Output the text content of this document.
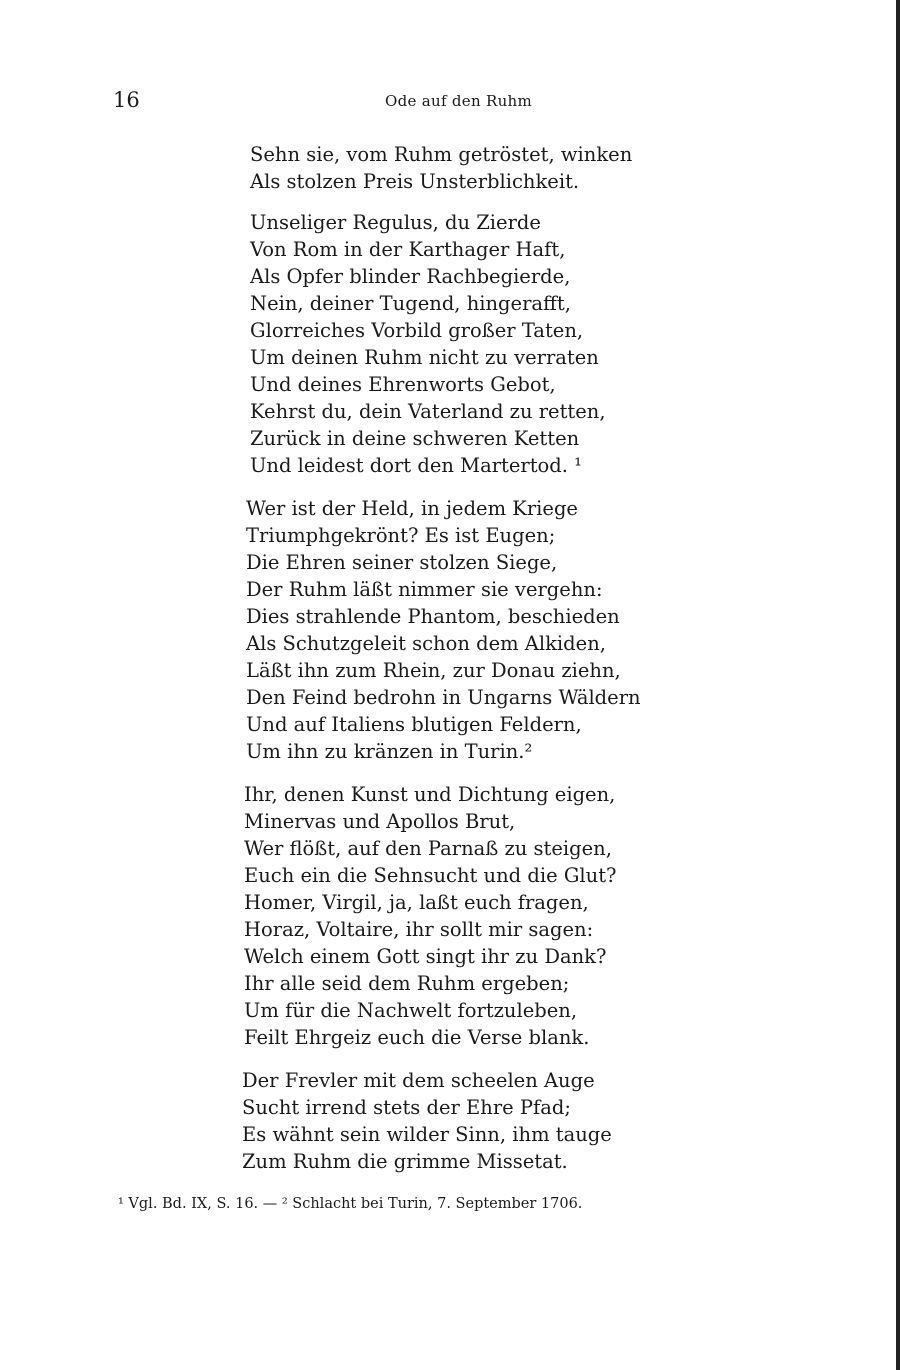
16	Ode auf den Ruhm
Sehn sie, vom Ruhm getröstet, winken
Als stolzen Preis Unsterblichkeit.
Unseliger Regulus, du Zierde
Von Rom in der Karthager Haft,
Als Opfer blinder Rachbegierde,
Nein, deiner Tugend, hingerafft,
Glorreiches Vorbild großer Taten,
Um deinen Ruhm nicht zu verraten
Und deines Ehrenworts Gebot,
Kehrst du, dein Vaterland zu retten,
Zurück in deine schweren Ketten
Und leidest dort den Martertod. ¹
Wer ist der Held, in jedem Kriege
Triumphgekrönt? Es ist Eugen;
Die Ehren seiner stolzen Siege,
Der Ruhm läßt nimmer sie vergehn:
Dies strahlende Phantom, beschieden
Als Schutzgeleit schon dem Alkiden,
Läßt ihn zum Rhein, zur Donau ziehn,
Den Feind bedrohn in Ungarns Wäldern
Und auf Italiens blutigen Feldern,
Um ihn zu kränzen in Turin.²
Ihr, denen Kunst und Dichtung eigen,
Minervas und Apollos Brut,
Wer flößt, auf den Parnaß zu steigen,
Euch ein die Sehnsucht und die Glut?
Homer, Virgil, ja, laßt euch fragen,
Horaz, Voltaire, ihr sollt mir sagen:
Welch einem Gott singt ihr zu Dank?
Ihr alle seid dem Ruhm ergeben;
Um für die Nachwelt fortzuleben,
Feilt Ehrgeiz euch die Verse blank.
Der Frevler mit dem scheelen Auge
Sucht irrend stets der Ehre Pfad;
Es wähnt sein wilder Sinn, ihm tauge
Zum Ruhm die grimme Missetat.
¹ Vgl. Bd. IX, S. 16. — ² Schlacht bei Turin, 7. September 1706.
